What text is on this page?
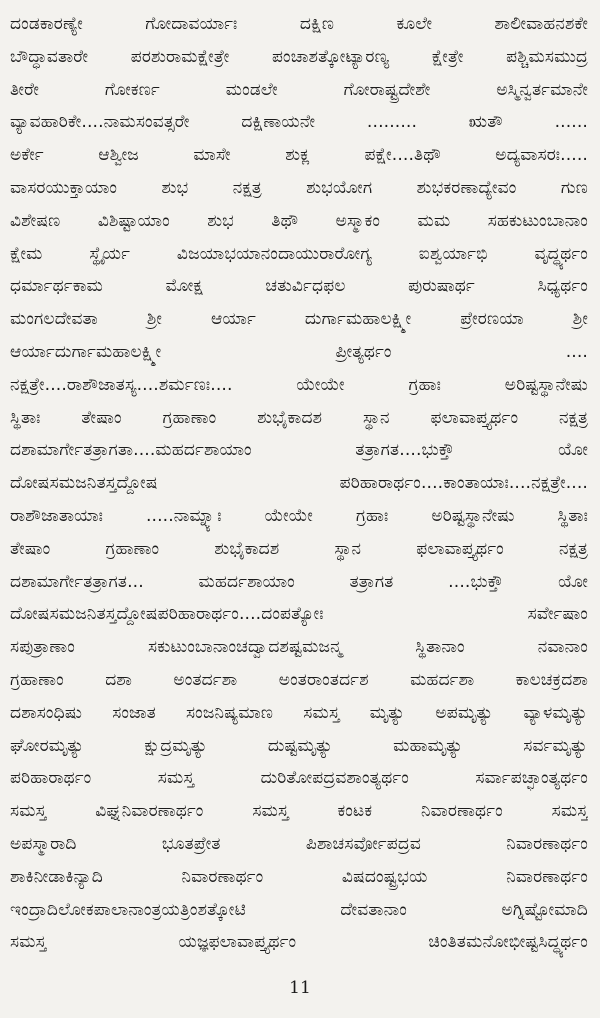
ದಂಡಕಾರಣ್ಯೇ ಗೋದಾವರ್ಯಾಃ ದಕ್ಷಿಣ ಕೂಲೇ ಶಾಲೀವಾಹನಶಕೇ
ಬೌದ್ಧಾವತಾರೇ ಪರಶುರಾಮಕ್ಷೇತ್ರೇ ಪಂಚಾಶತ್ಕೋಟ್ಯಾರಣ್ಯ ಕ್ಷೇತ್ರೇ ಪಶ್ಚಿಮಸಮುದ್ರ
ತೀರೇ ಗೋಕರ್ಣ ಮಂಡಲೇ ಗೋರಾಷ್ಟ್ರದೇಶೇ ಅಸ್ಮಿನ್ವರ್ತಮಾನೇ
ವ್ಯಾವಹಾರಿಕೇ....ನಾಮಸಂವತ್ಸರೇ ದಕ್ಷಿಣಾಯನೇ ......... ಋತೌ ......
ಅರ್ಕೇ ಆಶ್ವೀಜ ಮಾಸೇ ಶುಕ್ಲ ಪಕ್ಷೇ....ತಿಥೌ ಅದ್ಯವಾಸರಃ.....
ವಾಸರಯುಕ್ತಾಯಾಂ ಶುಭ ನಕ್ಷತ್ರ ಶುಭಯೋಗ ಶುಭಕರಣಾದ್ಯೇವಂ ಗುಣ
ವಿಶೇಷಣ ವಿಶಿಷ್ಟಾಯಾಂ ಶುಭ ತಿಥೌ ಅಸ್ಮಾಕಂ ಮಮ ಸಹಕುಟುಂಬಾನಾಂ
ಕ್ಷೇಮ ಸ್ಥೈರ್ಯ ವಿಜಯಾಭಯಾನಂದಾಯುರಾರೋಗ್ಯ ಐಶ್ವರ್ಯಾಭಿ ವೃದ್ಧ್ಯರ್ಥಂ
ಧರ್ಮಾರ್ಥಕಾಮ ಮೋಕ್ಷ ಚತುರ್ವಿಧಫಲ ಪುರುಷಾರ್ಥ ಸಿಧ್ಯರ್ಥಂ
ಮಂಗಲದೇವತಾ ಶ್ರೀ ಆರ್ಯಾ ದುರ್ಗಾಮಹಾಲಕ್ಷ್ಮೀ ಪ್ರೇರಣಯಾ ಶ್ರೀ
ಆರ್ಯಾದುರ್ಗಾಮಹಾಲಕ್ಷ್ಮೀ ಪ್ರೀತ್ಯರ್ಥಂ ....
ನಕ್ಷತ್ರೇ....ರಾಶೌಜಾತಸ್ಯ....ಶರ್ಮಣಃ.... ಯೇಯೇ ಗ್ರಹಾಃ ಅರಿಷ್ಟಸ್ಥಾನೇಷು
ಸ್ಥಿತಾಃ ತೇಷಾಂ ಗ್ರಹಾಣಾಂ ಶುಭೈಕಾದಶ ಸ್ಥಾನ ಫಲಾವಾಪ್ತ್ಯರ್ಥಂ ನಕ್ಷತ್ರ
ದಶಾಮಾರ್ಗೇತತ್ರಾಗತಾ....ಮಹರ್ದಶಾಯಾಂ ತತ್ರಾಗತ....ಭುಕ್ತೌ ಯೋ
ದೋಷಸಮಜನಿತಸ್ತದ್ದೋಷ ಪರಿಹಾರಾರ್ಥಂ....ಕಾಂತಾಯಾಃ....ನಕ್ಷತ್ರೇ....
ರಾಶೌಜಾತಾಯಾಃ .....ನಾಮ್ನ್ಯಾಃ ಯೇಯೇ ಗ್ರಹಾಃ ಅರಿಷ್ಟಸ್ಥಾನೇಷು ಸ್ಥಿತಾಃ
ತೇಷಾಂ ಗ್ರಹಾಣಾಂ ಶುಭೈಕಾದಶ ಸ್ಥಾನ ಫಲಾವಾಪ್ತ್ಯರ್ಥಂ ನಕ್ಷತ್ರ
ದಶಾಮಾರ್ಗೇತತ್ರಾಗತ... ಮಹರ್ದಶಾಯಾಂ ತತ್ರಾಗತ ....ಭುಕ್ತೌ ಯೋ
ದೋಷಸಮಜನಿತಸ್ತದ್ದೋಷಪರಿಹಾರಾರ್ಥಂ....ದಂಪತ್ಯೋಃ ಸರ್ವೇಷಾಂ
ಸಪುತ್ರಾಣಾಂ ಸಕುಟುಂಬಾನಾಂಚದ್ವಾದಶಷ್ಟಮಜನ್ಮ ಸ್ಥಿತಾನಾಂ ನವಾನಾಂ
ಗ್ರಹಾಣಾಂ ದಶಾ ಅಂತರ್ದಶಾ ಅಂತರಾಂತರ್ದಶ ಮಹರ್ದಶಾ ಕಾಲಚಕ್ರದಶಾ
ದಶಾಸಂಧಿಷು ಸಂಜಾತ ಸಂಜನಿಷ್ಯಮಾಣ ಸಮಸ್ತ ಮೃತ್ಯು ಅಪಮೃತ್ಯು ವ್ಯಾಳಮೃತ್ಯು
ಘೋರಮೃತ್ಯು ಕ್ಷುದ್ರಮೃತ್ಯು ದುಷ್ಟಮೃತ್ಯು ಮಹಾಮೃತ್ಯು ಸರ್ವಮೃತ್ಯು
ಪರಿಹಾರಾರ್ಥಂ ಸಮಸ್ತ ದುರಿತೋಪದ್ರವಶಾಂತ್ಯರ್ಥಂ ಸರ್ವಾಪಚ್ಛಾಂತ್ಯರ್ಥಂ
ಸಮಸ್ತ ವಿಘ್ನನಿವಾರಣಾರ್ಥಂ ಸಮಸ್ತ ಕಂಟಕ ನಿವಾರಣಾರ್ಥಂ ಸಮಸ್ತ
ಅಪಸ್ಮಾರಾದಿ ಭೂತಪ್ರೇತ ಪಿಶಾಚಸರ್ವೋಪದ್ರವ ನಿವಾರಣಾರ್ಥಂ
ಶಾಕಿನೀಡಾಕಿನ್ಯಾದಿ ನಿವಾರಣಾರ್ಥಂ ವಿಷದಂಷ್ಟ್ರಭಯ ನಿವಾರಣಾರ್ಥಂ
ಇಂದ್ರಾದಿಲೋಕಪಾಲಾನಾಂತ್ರಯತ್ರಿಂಶತ್ಕೋಟಿ ದೇವತಾನಾಂ ಅಗ್ನಿಷ್ಟೋಮಾದಿ
ಸಮಸ್ತ ಯಜ್ಞಫಲಾವಾಪ್ತ್ಯರ್ಥಂ ಚಿಂತಿತಮನೋಭೀಷ್ಟಸಿದ್ಧ್ಯರ್ಥಂ
11
